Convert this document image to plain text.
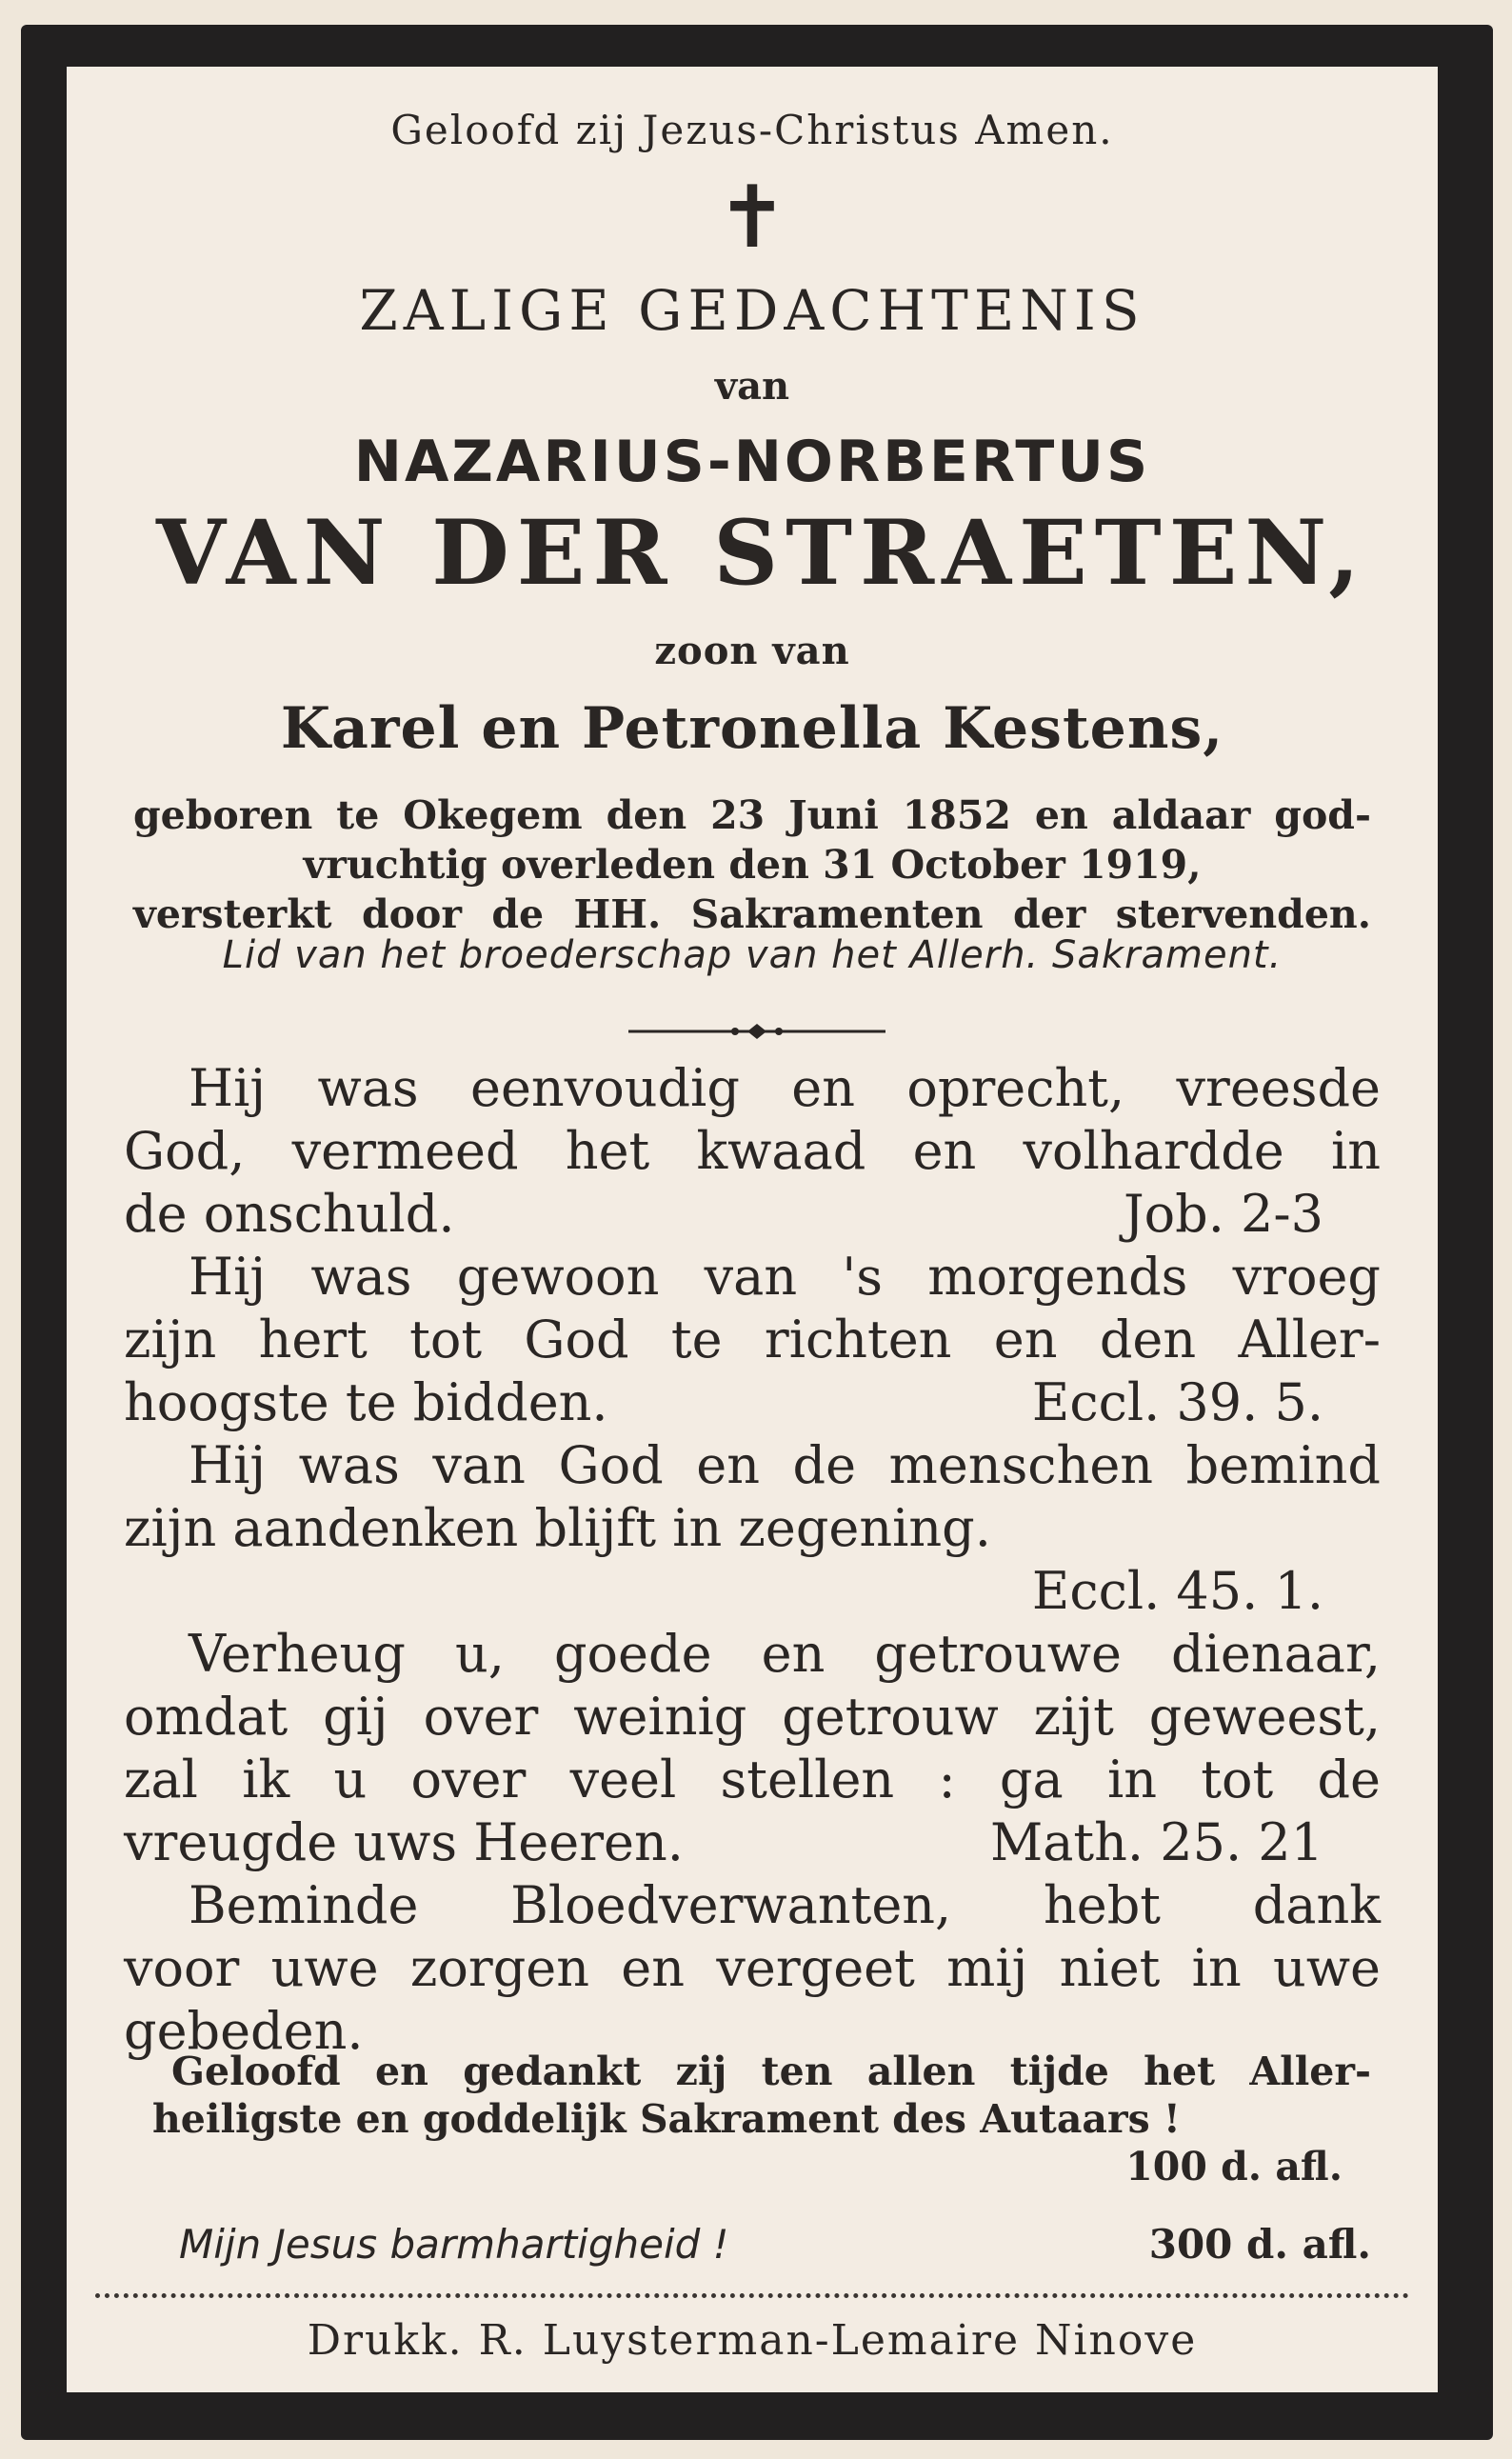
Geloofd zij Jezus-Christus Amen.
✝
ZALIGE GEDACHTENIS
van
NAZARIUS-NORBERTUS
VAN DER STRAETEN,
zoon van
Karel en Petronella Kestens,

geboren te Okegem den 23 Juni 1852 en aldaar god-

vruchtig overleden den 31 October 1919,

versterkt door de HH. Sakramenten der stervenden.

Lid van het broederschap van het Allerh. Sakrament.
Hij was eenvoudig en oprecht, vreesde
God, vermeed het kwaad en volhardde in
de onschuld.	Job. 2-3
Hij was gewoon van 's morgends vroeg
zijn hert tot God te richten en den Aller-
hoogste te bidden.	Eccl. 39. 5.
Hij was van God en de menschen bemind
zijn aandenken blijft in zegening.
Eccl. 45. 1.
Verheug u, goede en getrouwe dienaar,
omdat gij over weinig getrouw zijt geweest,
zal ik u over veel stellen : ga in tot de
vreugde uws Heeren.	Math. 25. 21
Beminde Bloedverwanten, hebt dank
voor uwe zorgen en vergeet mij niet in uwe
gebeden.
Geloofd en gedankt zij ten allen tijde het Aller-
heiligste en goddelijk Sakrament des Autaars !
100 d. afl.
Mijn Jesus barmhartigheid !	300 d. afl.
Drukk. R. Luysterman-Lemaire Ninove
